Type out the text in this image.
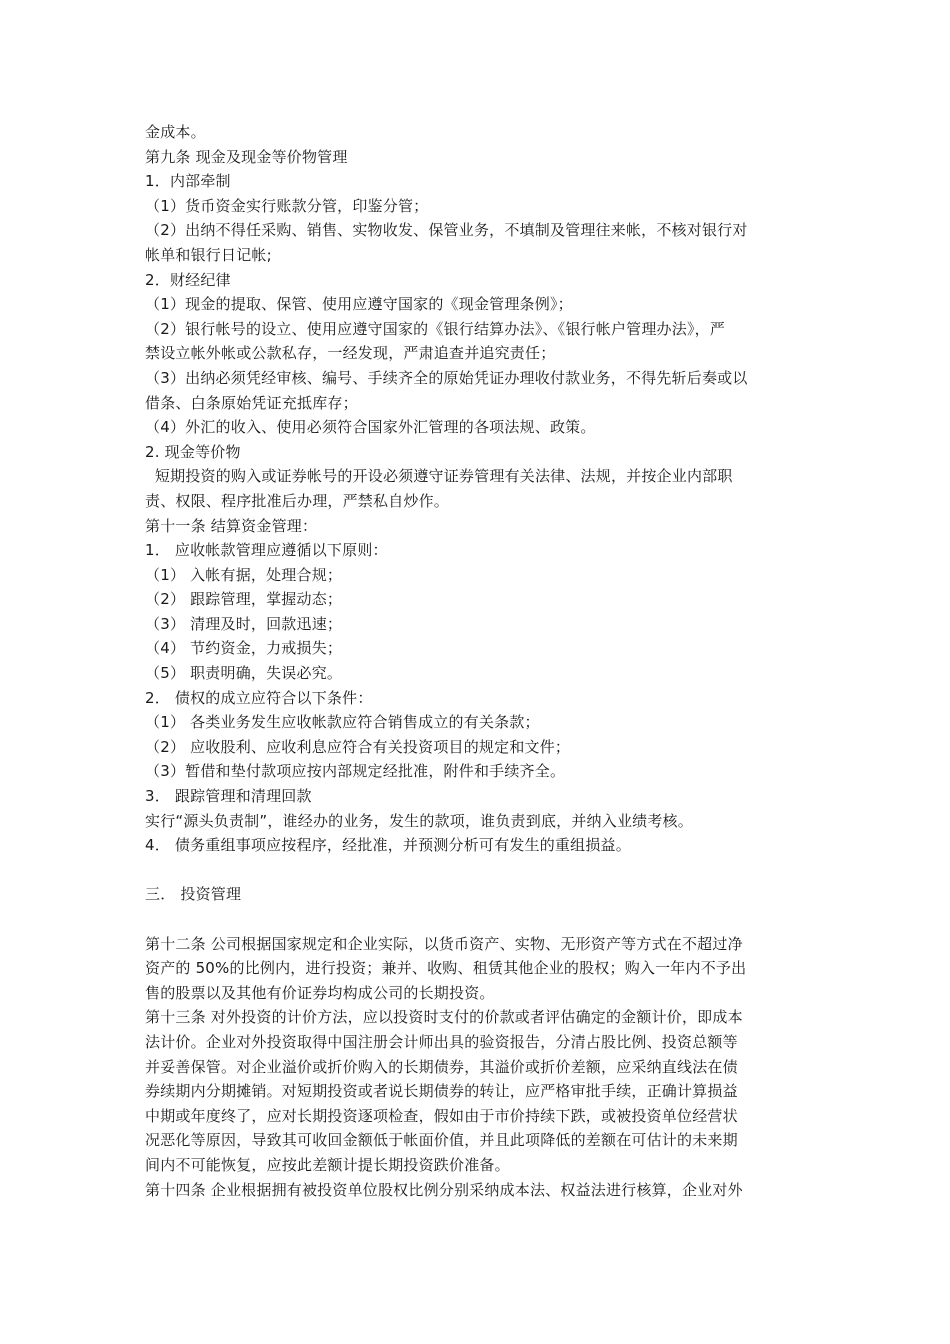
金成本。

第九条 现金及现金等价物管理

1．内部牵制

（1）货币资金实行账款分管，印鉴分管；

（2）出纳不得任采购、销售、实物收发、保管业务，不填制及管理往来帐，不核对银行对

帐单和银行日记帐;

2．财经纪律

（1）现金的提取、保管、使用应遵守国家的《现金管理条例》；

（2）银行帐号的设立、使用应遵守国家的《银行结算办法》、《银行帐户管理办法》，严

禁设立帐外帐或公款私存，一经发现，严肃追查并追究责任；

（3）出纳必须凭经审核、编号、手续齐全的原始凭证办理收付款业务，不得先斩后奏或以

借条、白条原始凭证充抵库存；

（4）外汇的收入、使用必须符合国家外汇管理的各项法规、政策。

2. 现金等价物

短期投资的购入或证券帐号的开设必须遵守证券管理有关法律、法规，并按企业内部职

责、权限、程序批准后办理，严禁私自炒作。

第十一条 结算资金管理：

1． 应收帐款管理应遵循以下原则：

（1） 入帐有据，处理合规；

（2） 跟踪管理，掌握动态；

（3） 清理及时，回款迅速；

（4） 节约资金，力戒损失；

（5） 职责明确，失误必究。

2． 债权的成立应符合以下条件：

（1） 各类业务发生应收帐款应符合销售成立的有关条款；

（2） 应收股利、应收利息应符合有关投资项目的规定和文件；

（3）暂借和垫付款项应按内部规定经批准，附件和手续齐全。

3． 跟踪管理和清理回款

实行“源头负责制”，谁经办的业务，发生的款项，谁负责到底，并纳入业绩考核。

4． 债务重组事项应按程序，经批准，并预测分析可有发生的重组损益。

三． 投资管理

第十二条 公司根据国家规定和企业实际，以货币资产、实物、无形资产等方式在不超过净

资产的 50%的比例内，进行投资；兼并、收购、租赁其他企业的股权；购入一年内不予出

售的股票以及其他有价证券均构成公司的长期投资。

第十三条 对外投资的计价方法，应以投资时支付的价款或者评估确定的金额计价，即成本

法计价。企业对外投资取得中国注册会计师出具的验资报告，分清占股比例、投资总额等

并妥善保管。对企业溢价或折价购入的长期债券，其溢价或折价差额，应采纳直线法在债

券续期内分期摊销。对短期投资或者说长期债券的转让，应严格审批手续，正确计算损益

中期或年度终了，应对长期投资逐项检查，假如由于市价持续下跌，或被投资单位经营状

况恶化等原因，导致其可收回金额低于帐面价值，并且此项降低的差额在可估计的未来期

间内不可能恢复，应按此差额计提长期投资跌价准备。

第十四条 企业根据拥有被投资单位股权比例分别采纳成本法、权益法进行核算，企业对外
